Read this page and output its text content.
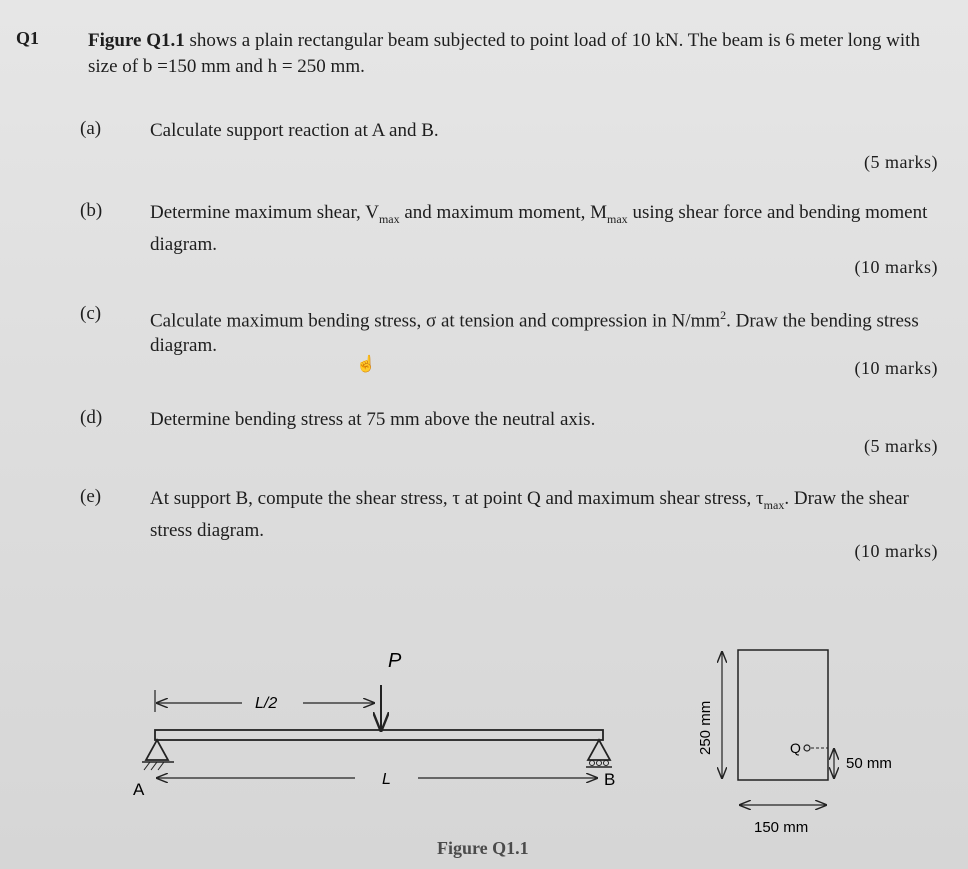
Q1	Figure Q1.1 shows a plain rectangular beam subjected to point load of 10 kN. The beam is 6 meter long with size of b =150 mm and h = 250 mm.
(a)	Calculate support reaction at A and B.
(5 marks)
(b)	Determine maximum shear, $V_{max}$ and maximum moment, $M_{max}$ using shear force and bending moment diagram.
(10 marks)
(c)	Calculate maximum bending stress, σ at tension and compression in $N/mm^2$. Draw the bending stress diagram.
☝	(10 marks)
(d)	Determine bending stress at 75 mm above the neutral axis.
(5 marks)
(e)	At support B, compute the shear stress, τ at point Q and maximum shear stress, $\tau_{max}$. Draw the shear stress diagram.
(10 marks)
P
L/2
A
B
L
250 mm	Q
50 mm
150 mm
Figure Q1.1
